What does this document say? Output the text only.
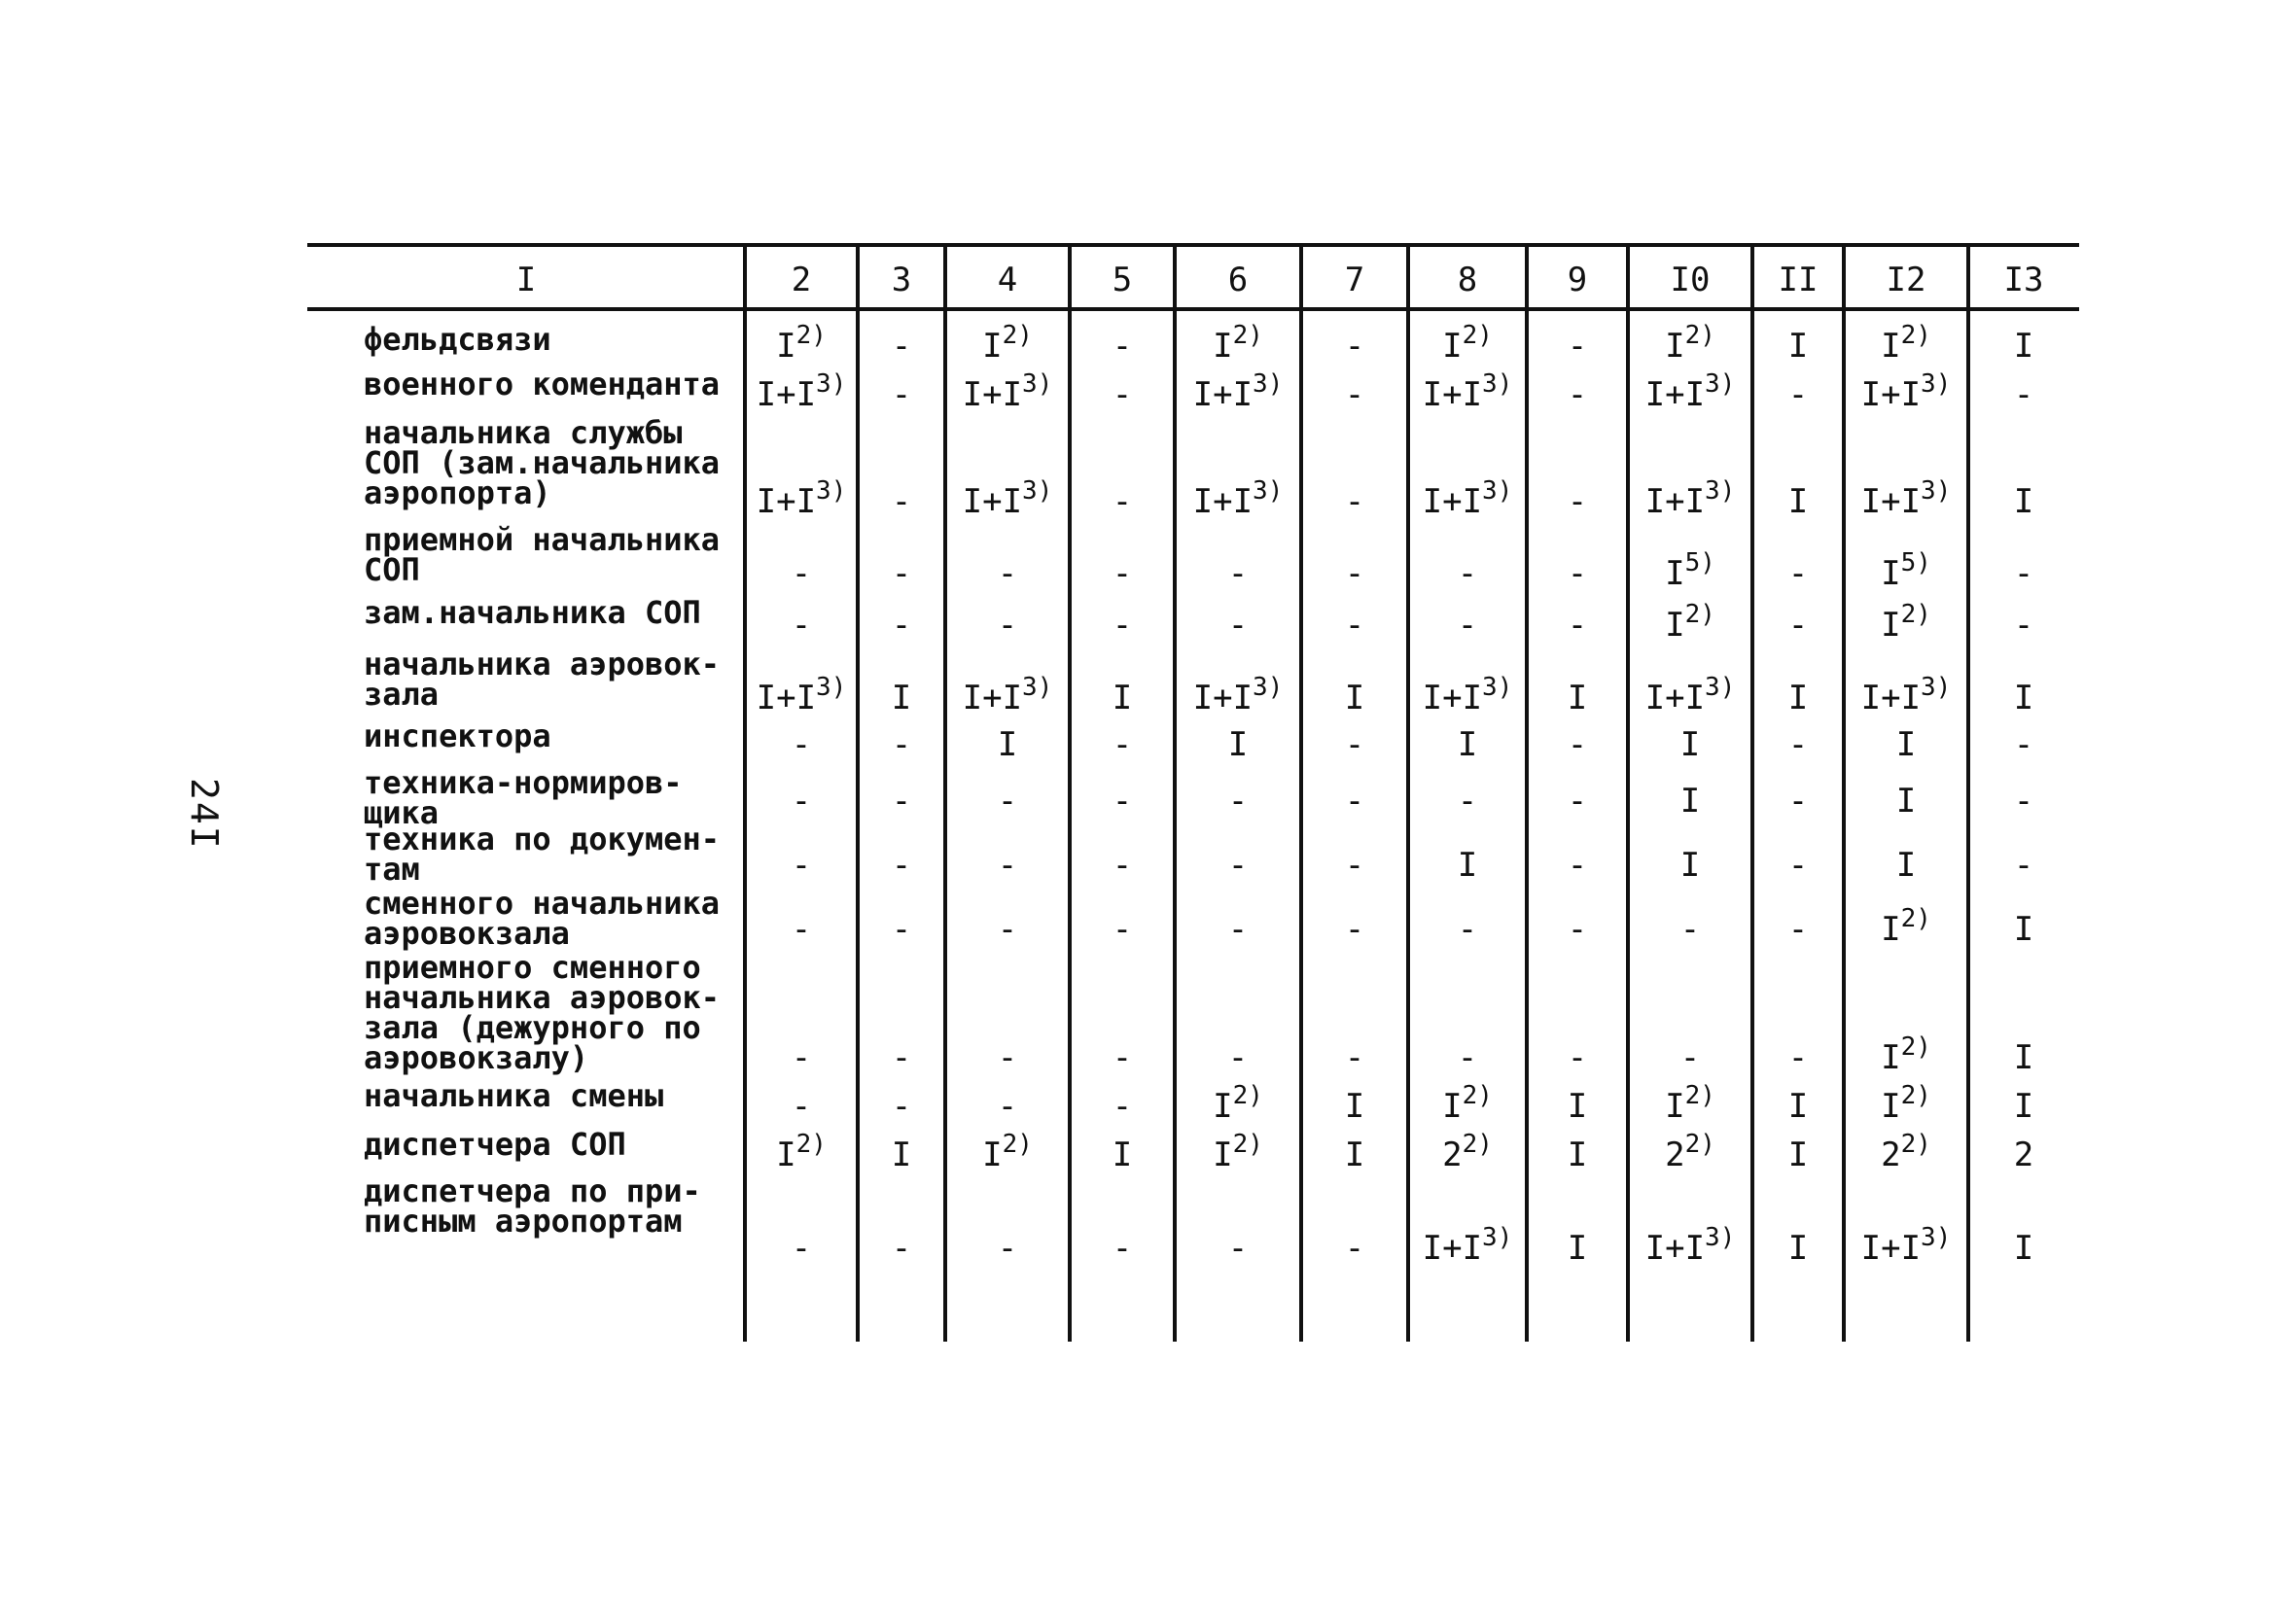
24I
I	2	3	4	5	6	7	8	9	I0	II	I2	I3
фельдсвязи	$I^{2)}$	-	$I^{2)}$	-	$I^{2)}$	-	$I^{2)}$	-	$I^{2)}$	I	$I^{2)}$	I
военного коменданта	$I+I^{3)}$	-	$I+I^{3)}$	-	$I+I^{3)}$	-	$I+I^{3)}$	-	$I+I^{3)}$	-	$I+I^{3)}$	-
начальника службы
СОП (зам.начальника
аэропорта)	$I+I^{3)}$	-	$I+I^{3)}$	-	$I+I^{3)}$	-	$I+I^{3)}$	-	$I+I^{3)}$	I	$I+I^{3)}$	I
приемной начальника
СОП	-	-	-	-	-	-	-	-	$I^{5)}$	-	$I^{5)}$	-
зам.начальника СОП	-	-	-	-	-	-	-	-	$I^{2)}$	-	$I^{2)}$	-
начальника аэровок-
зала	$I+I^{3)}$	I	$I+I^{3)}$	I	$I+I^{3)}$	I	$I+I^{3)}$	I	$I+I^{3)}$	I	$I+I^{3)}$	I
инспектора	-	-	I	-	I	-	I	-	I	-	I	-
техника-нормиров-
щика	-	-	-	-	-	-	-	-	I	-	I	-
техника по докумен-
там	-	-	-	-	-	-	I	-	I	-	I	-
сменного начальника
аэровокзала	-	-	-	-	-	-	-	-	-	-	$I^{2)}$	I
приемного сменного
начальника аэровок-
зала (дежурного по
аэровокзалу)	-	-	-	-	-	-	-	-	-	-	$I^{2)}$	I
начальника смены	-	-	-	-	$I^{2)}$	I	$I^{2)}$	I	$I^{2)}$	I	$I^{2)}$	I
диспетчера СОП	$I^{2)}$	I	$I^{2)}$	I	$I^{2)}$	I	2$^{2)}$	I	2$^{2)}$	I	2$^{2)}$	2
диспетчера по при-
писным аэропортам
-	-	-	-	-	-	$I+I^{3)}$	I	$I+I^{3)}$	I	$I+I^{3)}$	I
